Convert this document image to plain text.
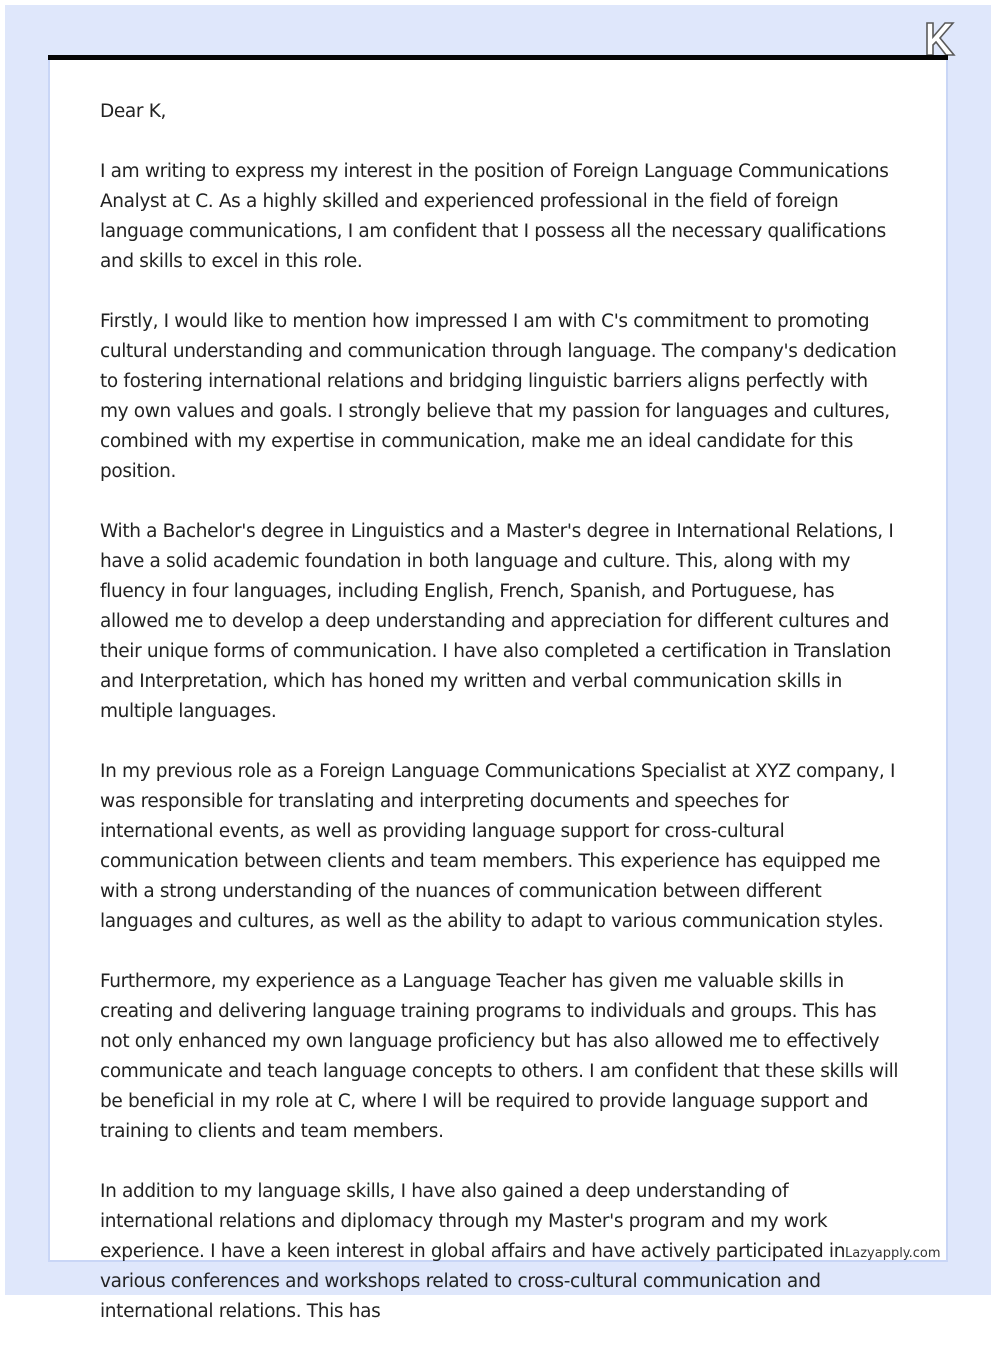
Dear K,

I am writing to express my interest in the position of Foreign Language Communications Analyst at C. As a highly skilled and experienced professional in the field of foreign language communications, I am confident that I possess all the necessary qualifications and skills to excel in this role.

Firstly, I would like to mention how impressed I am with C's commitment to promoting cultural understanding and communication through language. The company's dedication to fostering international relations and bridging linguistic barriers aligns perfectly with my own values and goals. I strongly believe that my passion for languages and cultures, combined with my expertise in communication, make me an ideal candidate for this position.

With a Bachelor's degree in Linguistics and a Master's degree in International Relations, I have a solid academic foundation in both language and culture. This, along with my fluency in four languages, including English, French, Spanish, and Portuguese, has allowed me to develop a deep understanding and appreciation for different cultures and their unique forms of communication. I have also completed a certification in Translation and Interpretation, which has honed my written and verbal communication skills in multiple languages.

In my previous role as a Foreign Language Communications Specialist at XYZ company, I was responsible for translating and interpreting documents and speeches for international events, as well as providing language support for cross-cultural communication between clients and team members. This experience has equipped me with a strong understanding of the nuances of communication between different languages and cultures, as well as the ability to adapt to various communication styles.

Furthermore, my experience as a Language Teacher has given me valuable skills in creating and delivering language training programs to individuals and groups. This has not only enhanced my own language proficiency but has also allowed me to effectively communicate and teach language concepts to others. I am confident that these skills will be beneficial in my role at C, where I will be required to provide language support and training to clients and team members.

In addition to my language skills, I have also gained a deep understanding of international relations and diplomacy through my Master's program and my work experience. I have a keen interest in global affairs and have actively participated in various conferences and workshops related to cross-cultural communication and international relations. This has

Lazyapply.com
